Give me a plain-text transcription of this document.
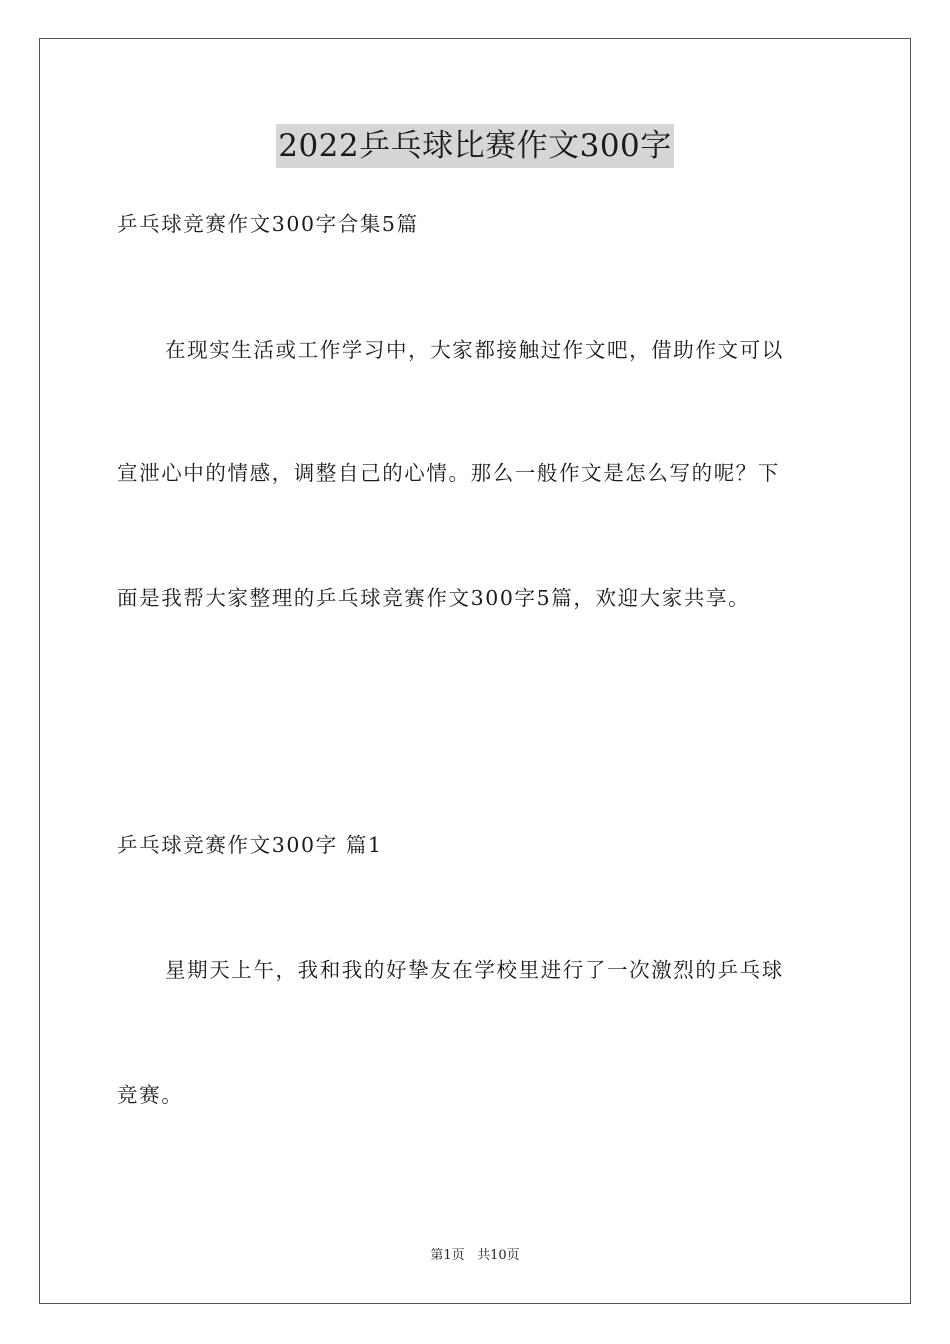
2022乒乓球比赛作文300字
乒乓球竞赛作文300字合集5篇
在现实生活或工作学习中，大家都接触过作文吧，借助作文可以
宣泄心中的情感，调整自己的心情。那么一般作文是怎么写的呢？下
面是我帮大家整理的乒乓球竞赛作文300字5篇，欢迎大家共享。
乒乓球竞赛作文300字 篇1
星期天上午，我和我的好挚友在学校里进行了一次激烈的乒乓球
竞赛。
第1页 共10页
